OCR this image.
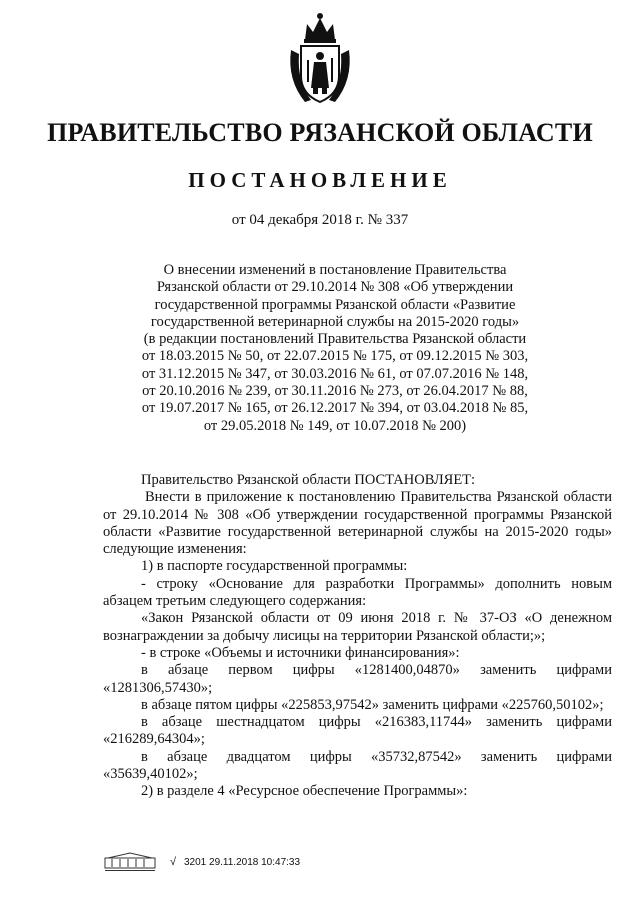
ПРАВИТЕЛЬСТВО РЯЗАНСКОЙ ОБЛАСТИ
ПОСТАНОВЛЕНИЕ
от 04 декабря 2018 г. № 337
О внесении изменений в постановление Правительства
Рязанской области от 29.10.2014 № 308 «Об утверждении
государственной программы Рязанской области «Развитие
государственной ветеринарной службы на 2015-2020 годы»
(в редакции постановлений Правительства Рязанской области
от 18.03.2015 № 50, от 22.07.2015 № 175, от 09.12.2015 № 303,
от 31.12.2015 № 347, от 30.03.2016 № 61, от 07.07.2016 № 148,
от 20.10.2016 № 239, от 30.11.2016 № 273, от 26.04.2017 № 88,
от 19.07.2017 № 165, от 26.12.2017 № 394, от 03.04.2018 № 85,
от 29.05.2018 № 149, от 10.07.2018 № 200)

Правительство Рязанской области ПОСТАНОВЛЯЕТ:

Внести в приложение к постановлению Правительства Рязанской области от 29.10.2014 № 308 «Об утверждении государственной программы Рязанской области «Развитие государственной ветеринарной службы на 2015-2020 годы» следующие изменения:

1) в паспорте государственной программы:

- строку «Основание для разработки Программы» дополнить новым абзацем третьим следующего содержания:

«Закон Рязанской области от 09 июня 2018 г. № 37-ОЗ «О денежном вознаграждении за добычу лисицы на территории Рязанской области;»;

- в строке «Объемы и источники финансирования»:

в абзаце первом цифры «1281400,04870» заменить цифрами «1281306,57430»;

в абзаце пятом цифры «225853,97542» заменить цифрами «225760,50102»;

в абзаце шестнадцатом цифры «216383,11744» заменить цифрами «216289,64304»;

в абзаце двадцатом цифры «35732,87542» заменить цифрами «35639,40102»;

2) в разделе 4 «Ресурсное обеспечение Программы»:

√ 3201 29.11.2018 10:47:33
